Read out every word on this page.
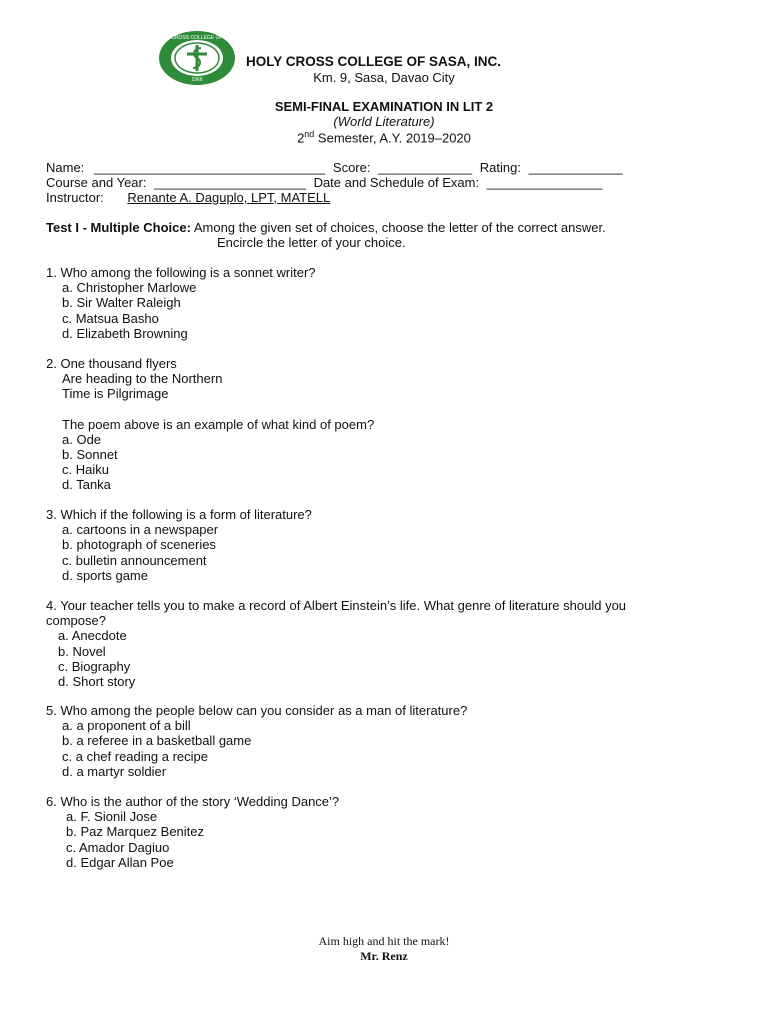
HOLY CROSS COLLEGE OF SASA
1966
HOLY CROSS COLLEGE OF SASA, INC.
Km. 9, Sasa, Davao City
SEMI-FINAL EXAMINATION IN LIT 2
(World Literature)
2nd Semester, A.Y. 2019–2020
Name: ________________________________ Score: _____________ Rating: _____________
Course and Year: _____________________ Date and Schedule of Exam: ________________
Instructor: Renante A. Daguplo, LPT, MATELL
Test I - Multiple Choice: Among the given set of choices, choose the letter of the correct answer.
Encircle the letter of your choice.
1. Who among the following is a sonnet writer?
a. Christopher Marlowe
b. Sir Walter Raleigh
c. Matsua Basho
d. Elizabeth Browning
2. One thousand flyers
Are heading to the Northern
Time is Pilgrimage
The poem above is an example of what kind of poem?
a. Ode
b. Sonnet
c. Haiku
d. Tanka
3. Which if the following is a form of literature?
a. cartoons in a newspaper
b. photograph of sceneries
c. bulletin announcement
d. sports game
4. Your teacher tells you to make a record of Albert Einstein’s life. What genre of literature should you
compose?
a. Anecdote
b. Novel
c. Biography
d. Short story
5. Who among the people below can you consider as a man of literature?
a. a proponent of a bill
b. a referee in a basketball game
c. a chef reading a recipe
d. a martyr soldier
6. Who is the author of the story ‘Wedding Dance’?
a. F. Sionil Jose
b. Paz Marquez Benitez
c. Amador Dagiuo
d. Edgar Allan Poe
Aim high and hit the mark!
Mr. Renz
